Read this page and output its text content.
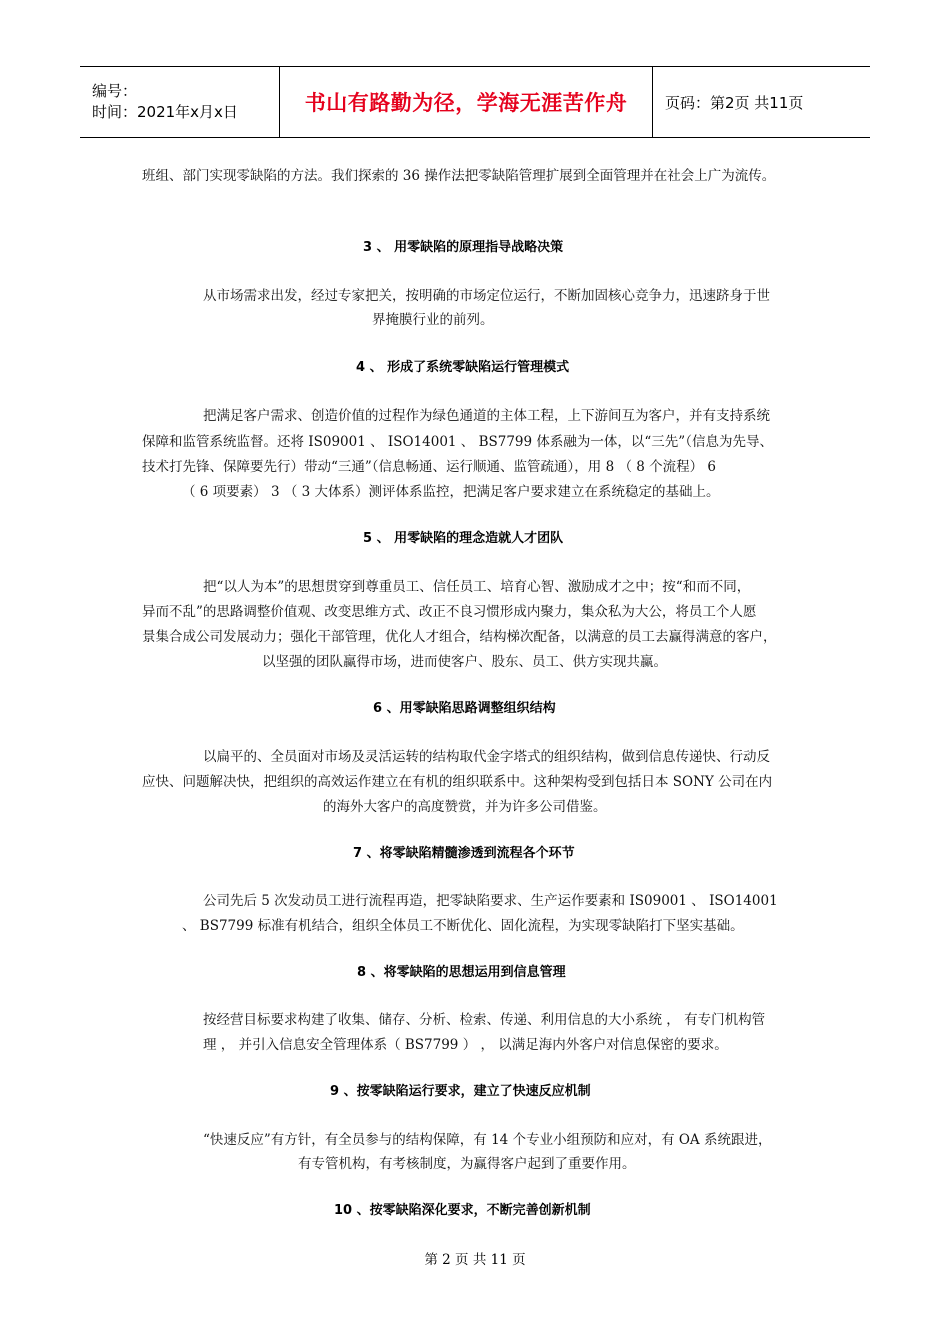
编号：
时间：2021年x月x日	书山有路勤为径，学海无涯苦作舟	页码：第2页 共11页
班组、部门实现零缺陷的方法。我们探索的 36 操作法把零缺陷管理扩展到全面管理并在社会上广为流传。
3 、 用零缺陷的原理指导战略决策
从市场需求出发，经过专家把关，按明确的市场定位运行，不断加固核心竞争力，迅速跻身于世
界掩膜行业的前列。
4 、 形成了系统零缺陷运行管理模式
把满足客户需求、创造价值的过程作为绿色通道的主体工程，上下游间互为客户，并有支持系统
保障和监管系统监督。还将 IS09001 、 ISO14001 、 BS7799 体系融为一体，以“三先”（信息为先导、
技术打先锋、保障要先行）带动“三通”（信息畅通、运行顺通、监管疏通），用 8 （ 8 个流程） 6
（ 6 项要素） 3 （ 3 大体系）测评体系监控，把满足客户要求建立在系统稳定的基础上。
5 、 用零缺陷的理念造就人才团队
把“以人为本”的思想贯穿到尊重员工、信任员工、培育心智、激励成才之中；按“和而不同，
异而不乱”的思路调整价值观、改变思维方式、改正不良习惯形成内聚力，集众私为大公，将员工个人愿
景集合成公司发展动力；强化干部管理，优化人才组合，结构梯次配备，以满意的员工去赢得满意的客户，
以坚强的团队赢得市场，进而使客户、股东、员工、供方实现共赢。
6 、用零缺陷思路调整组织结构
以扁平的、全员面对市场及灵活运转的结构取代金字塔式的组织结构，做到信息传递快、行动反
应快、问题解决快，把组织的高效运作建立在有机的组织联系中。这种架构受到包括日本 SONY 公司在内
的海外大客户的高度赞赏，并为许多公司借鉴。
7 、将零缺陷精髓渗透到流程各个环节
公司先后 5 次发动员工进行流程再造，把零缺陷要求、生产运作要素和 IS09001 、 ISO14001
、 BS7799 标准有机结合，组织全体员工不断优化、固化流程，为实现零缺陷打下坚实基础。
8 、将零缺陷的思想运用到信息管理
按经营目标要求构建了收集、储存、分析、检索、传递、利用信息的大小系统 ， 有专门机构管
理 ， 并引入信息安全管理体系（ BS7799 ） ， 以满足海内外客户对信息保密的要求。
9 、按零缺陷运行要求，建立了快速反应机制
“快速反应”有方针，有全员参与的结构保障，有 14 个专业小组预防和应对，有 OA 系统跟进，
有专管机构，有考核制度，为赢得客户起到了重要作用。
10 、按零缺陷深化要求，不断完善创新机制
第 2 页 共 11 页
